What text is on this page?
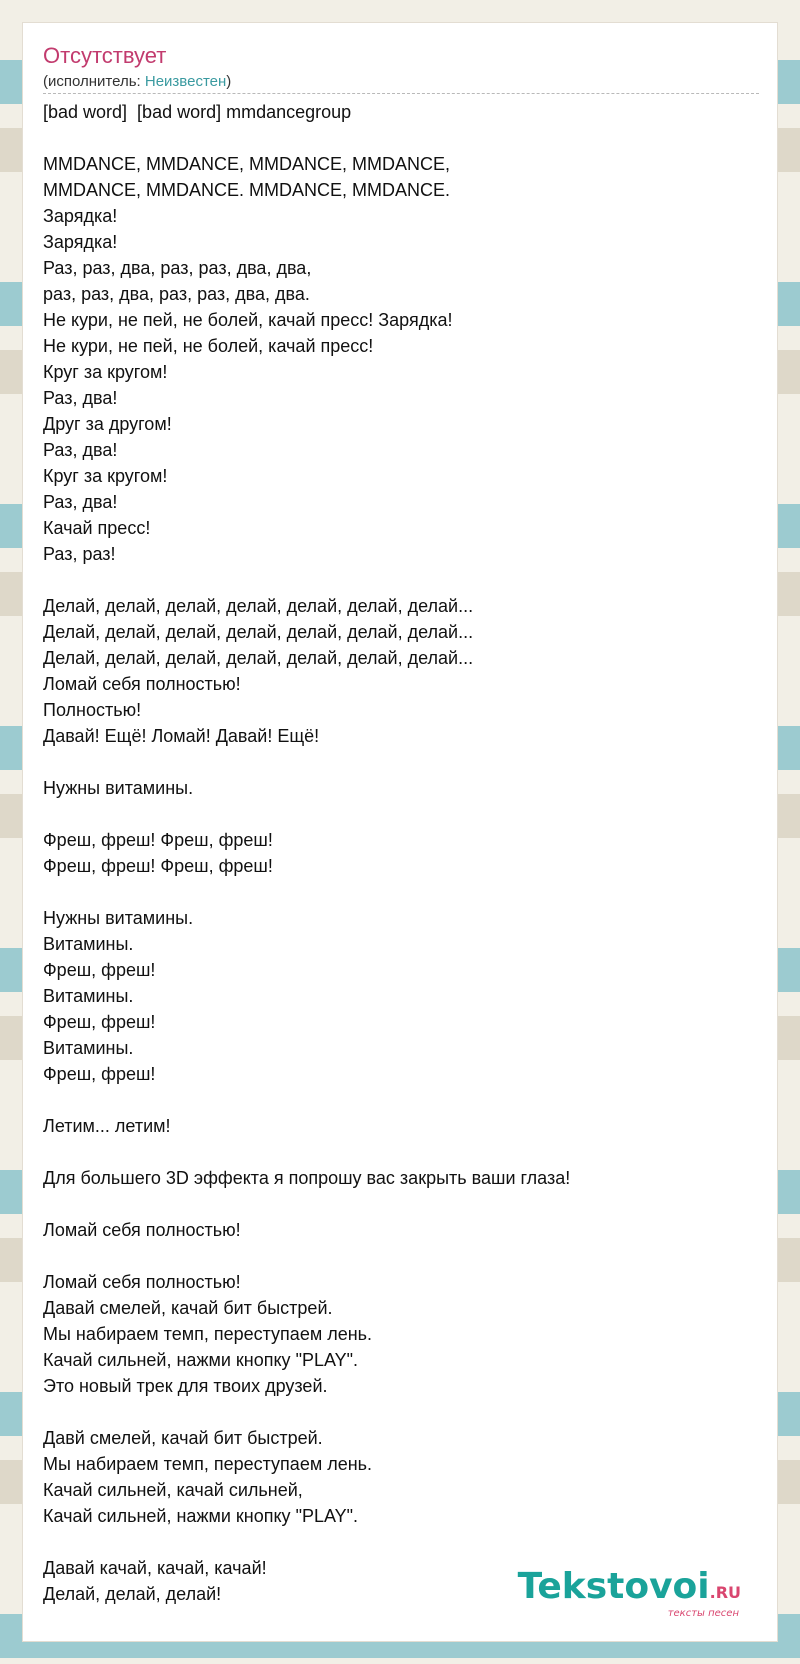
Отсутствует
(исполнитель: Неизвестен)
[bad word]  [bad word] mmdancegroup

MMDANCE, MMDANCE, MMDANCE, MMDANCE,
MMDANCE, MMDANCE. MMDANCE, MMDANCE.
Зарядка!
Зарядка!
Раз, раз, два, раз, раз, два, два,
раз, раз, два, раз, раз, два, два.
Не кури, не пей, не болей, качай пресс! Зарядка!
Не кури, не пей, не болей, качай пресс!
Круг за кругом!
Раз, два!
Друг за другом!
Раз, два!
Круг за кругом!
Раз, два!
Качай пресс!
Раз, раз!

Делай, делай, делай, делай, делай, делай, делай...
Делай, делай, делай, делай, делай, делай, делай...
Делай, делай, делай, делай, делай, делай, делай...
Ломай себя полностью!
Полностью!
Давай! Ещё! Ломай! Давай! Ещё!

Нужны витамины.

Фреш, фреш! Фреш, фреш!
Фреш, фреш! Фреш, фреш!

Нужны витамины.
Витамины.
Фреш, фреш!
Витамины.
Фреш, фреш!
Витамины.
Фреш, фреш!

Летим... летим!

Для большего 3D эффекта я попрошу вас закрыть ваши глаза!

Ломай себя полностью!

Ломай себя полностью!
Давай смелей, качай бит быстрей.
Мы набираем темп, переступаем лень.
Качай сильней, нажми кнопку "PLAY".
Это новый трек для твоих друзей.

Давй смелей, качай бит быстрей.
Мы набираем темп, переступаем лень.
Качай сильней, качай сильней,
Качай сильней, нажми кнопку "PLAY".

Давай качай, качай, качай!
Делай, делай, делай!	Tekstovoi.RU
тексты песен
